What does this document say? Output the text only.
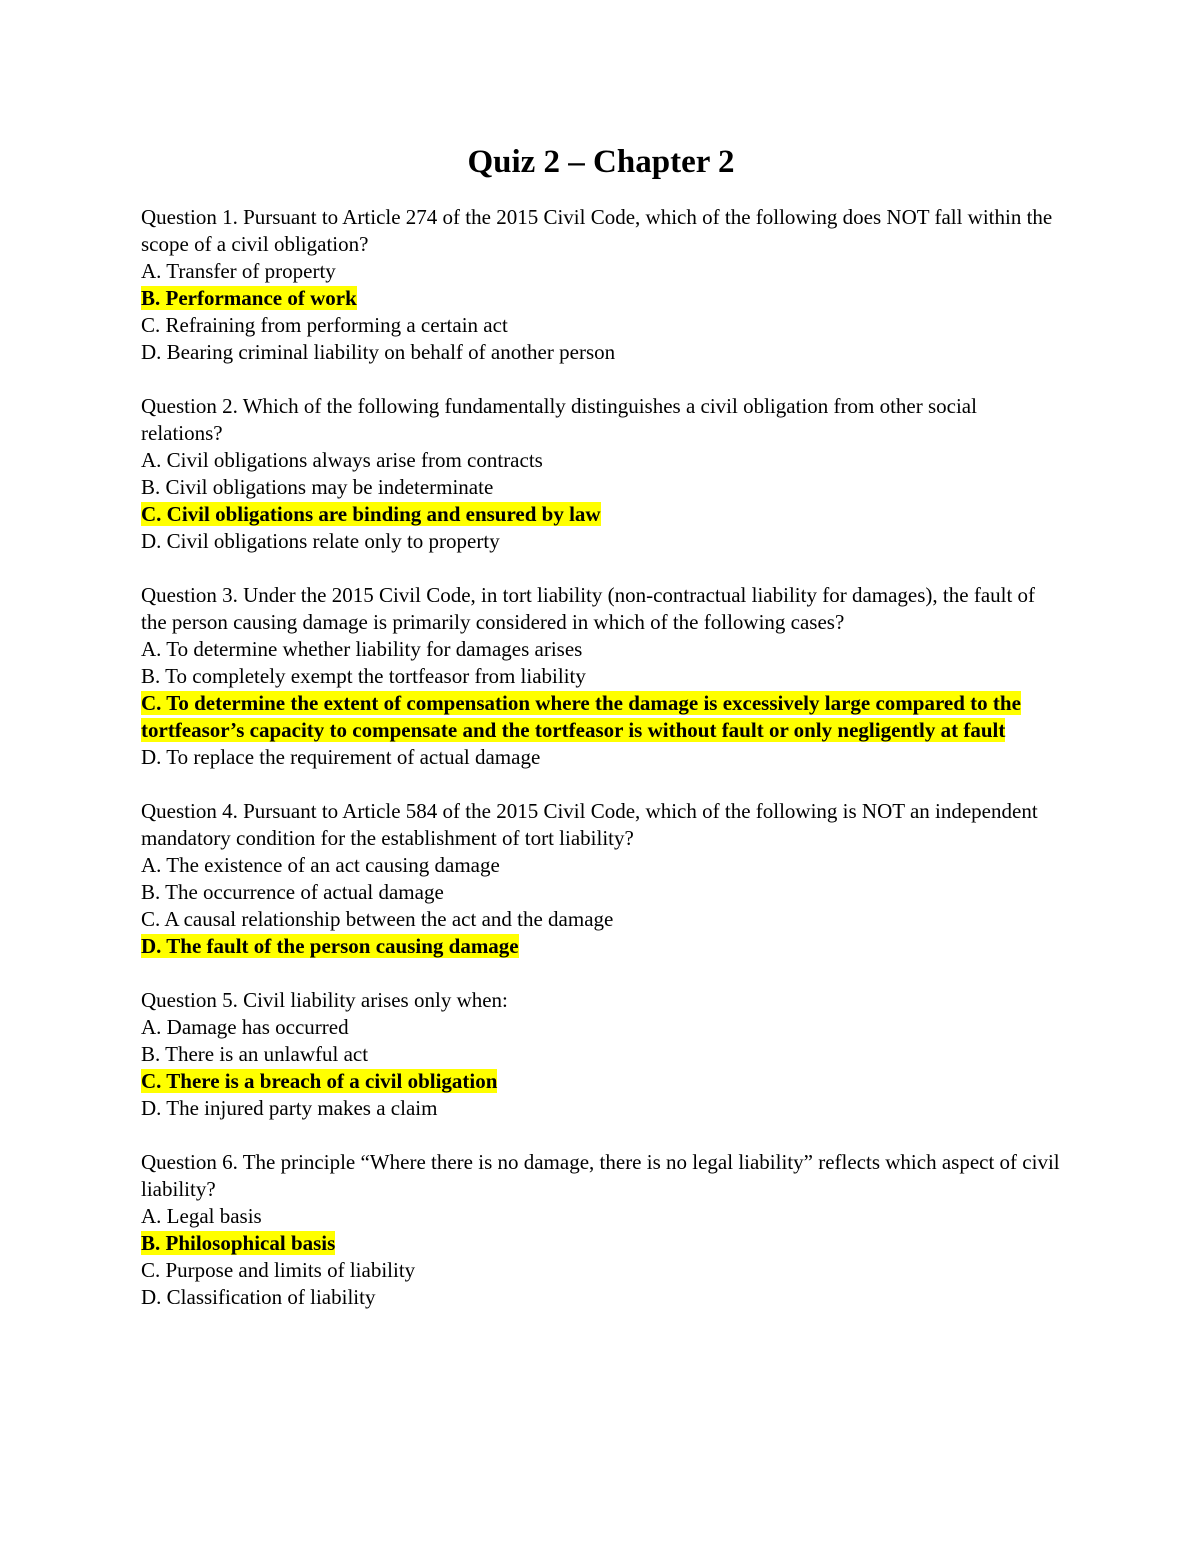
Quiz 2 – Chapter 2

Question 1. Pursuant to Article 274 of the 2015 Civil Code, which of the following does NOT fall within the scope of a civil obligation?

A. Transfer of property

B. Performance of work

C. Refraining from performing a certain act

D. Bearing criminal liability on behalf of another person

Question 2. Which of the following fundamentally distinguishes a civil obligation from other social relations?

A. Civil obligations always arise from contracts

B. Civil obligations may be indeterminate

C. Civil obligations are binding and ensured by law

D. Civil obligations relate only to property

Question 3. Under the 2015 Civil Code, in tort liability (non-contractual liability for damages), the fault of the person causing damage is primarily considered in which of the following cases?

A. To determine whether liability for damages arises

B. To completely exempt the tortfeasor from liability

C. To determine the extent of compensation where the damage is excessively large compared to the tortfeasor’s capacity to compensate and the tortfeasor is without fault or only negligently at fault

D. To replace the requirement of actual damage

Question 4. Pursuant to Article 584 of the 2015 Civil Code, which of the following is NOT an independent mandatory condition for the establishment of tort liability?

A. The existence of an act causing damage

B. The occurrence of actual damage

C. A causal relationship between the act and the damage

D. The fault of the person causing damage

Question 5. Civil liability arises only when:

A. Damage has occurred

B. There is an unlawful act

C. There is a breach of a civil obligation

D. The injured party makes a claim

Question 6. The principle “Where there is no damage, there is no legal liability” reflects which aspect of civil liability?

A. Legal basis

B. Philosophical basis

C. Purpose and limits of liability

D. Classification of liability
